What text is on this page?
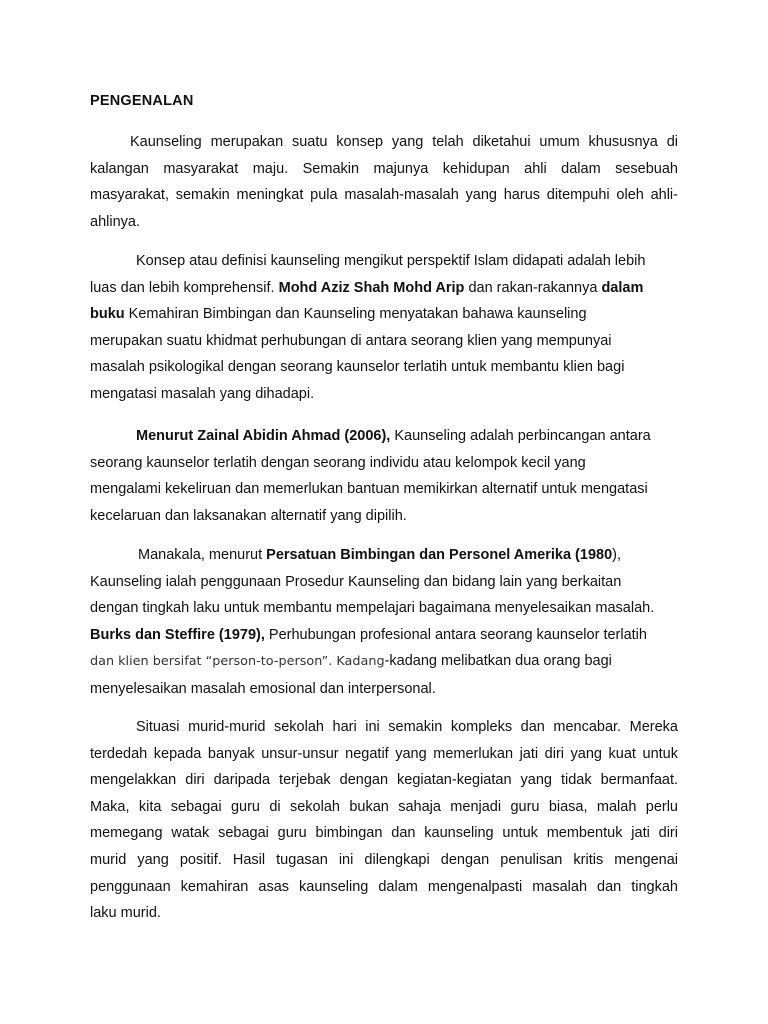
PENGENALAN
Kaunseling merupakan suatu konsep yang telah diketahui umum khususnya di
kalangan masyarakat maju. Semakin majunya kehidupan ahli dalam sesebuah
masyarakat, semakin meningkat pula masalah-masalah yang harus ditempuhi oleh ahli-
ahlinya.
Konsep atau definisi kaunseling mengikut perspektif Islam didapati adalah lebih
luas dan lebih komprehensif. Mohd Aziz Shah Mohd Arip dan rakan-rakannya dalam
buku Kemahiran Bimbingan dan Kaunseling menyatakan bahawa kaunseling
merupakan suatu khidmat perhubungan di antara seorang klien yang mempunyai
masalah psikologikal dengan seorang kaunselor terlatih untuk membantu klien bagi
mengatasi masalah yang dihadapi.
Menurut Zainal Abidin Ahmad (2006), Kaunseling adalah perbincangan antara
seorang kaunselor terlatih dengan seorang individu atau kelompok kecil yang
mengalami kekeliruan dan memerlukan bantuan memikirkan alternatif untuk mengatasi
kecelaruan dan laksanakan alternatif yang dipilih.
Manakala, menurut Persatuan Bimbingan dan Personel Amerika (1980),
Kaunseling ialah penggunaan Prosedur Kaunseling dan bidang lain yang berkaitan
dengan tingkah laku untuk membantu mempelajari bagaimana menyelesaikan masalah.
Burks dan Steffire (1979), Perhubungan profesional antara seorang kaunselor terlatih
dan klien bersifat “person-to-person”. Kadang-kadang melibatkan dua orang bagi
menyelesaikan masalah emosional dan interpersonal.
Situasi murid-murid sekolah hari ini semakin kompleks dan mencabar. Mereka
terdedah kepada banyak unsur-unsur negatif yang memerlukan jati diri yang kuat untuk
mengelakkan diri daripada terjebak dengan kegiatan-kegiatan yang tidak bermanfaat.
Maka, kita sebagai guru di sekolah bukan sahaja menjadi guru biasa, malah perlu
memegang watak sebagai guru bimbingan dan kaunseling untuk membentuk jati diri
murid yang positif. Hasil tugasan ini dilengkapi dengan penulisan kritis mengenai
penggunaan kemahiran asas kaunseling dalam mengenalpasti masalah dan tingkah
laku murid.
